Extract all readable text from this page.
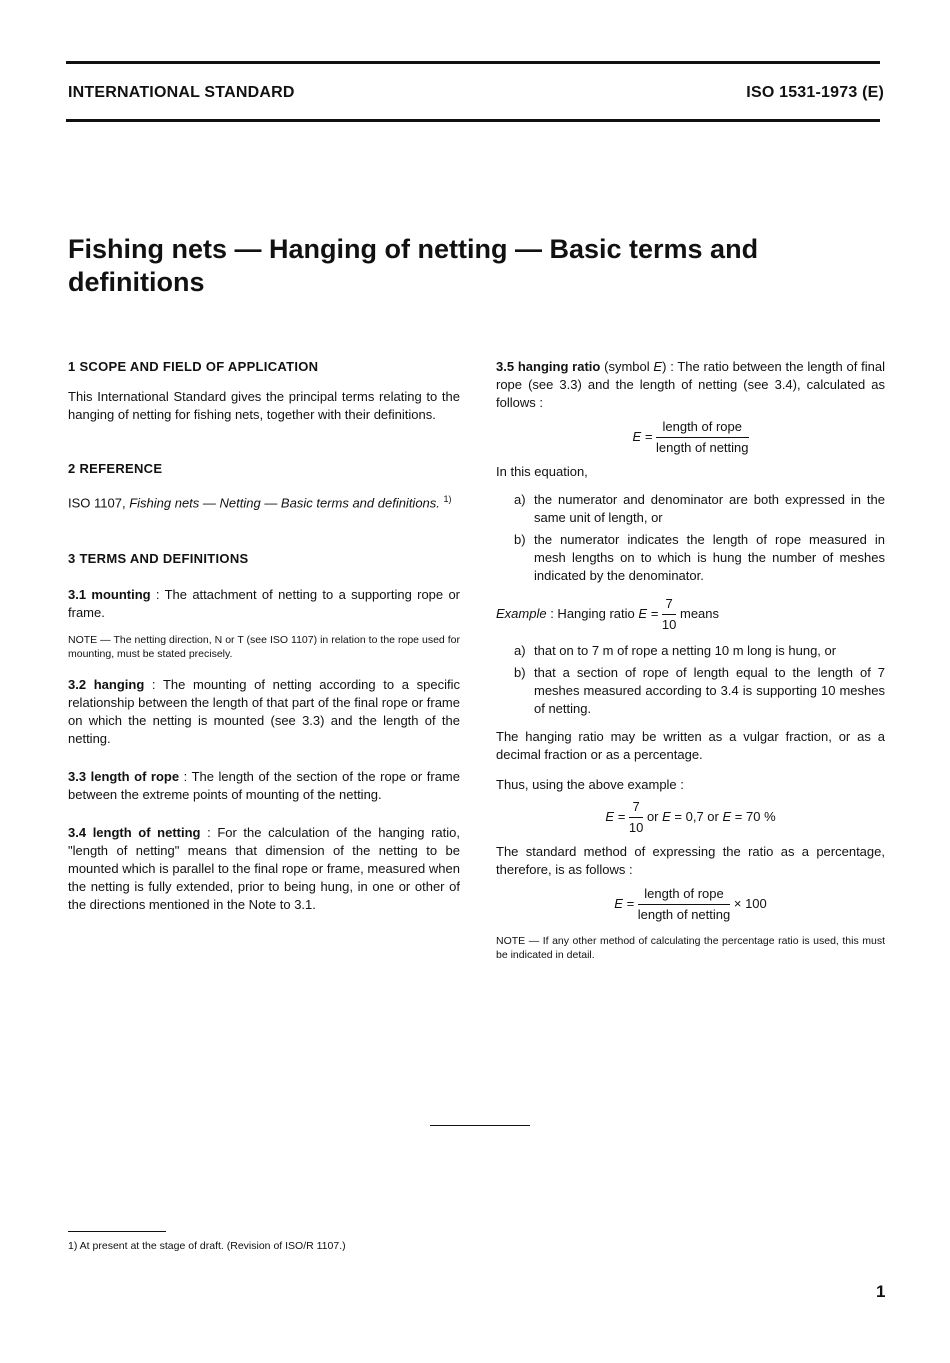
INTERNATIONAL STANDARD	ISO 1531-1973 (E)
Fishing nets — Hanging of netting — Basic terms and definitions

1 SCOPE AND FIELD OF APPLICATION

This International Standard gives the principal terms relating to the hanging of netting for fishing nets, together with their definitions.

2 REFERENCE

ISO 1107, Fishing nets — Netting — Basic terms and definitions. $^{1)}$

3 TERMS AND DEFINITIONS

3.1 mounting : The attachment of netting to a supporting rope or frame.

NOTE — The netting direction, N or T (see ISO 1107) in relation to the rope used for mounting, must be stated precisely.

3.2 hanging : The mounting of netting according to a specific relationship between the length of that part of the final rope or frame on which the netting is mounted (see 3.3) and the length of the netting.

3.3 length of rope : The length of the section of the rope or frame between the extreme points of mounting of the netting.

3.4 length of netting : For the calculation of the hanging ratio, "length of netting" means that dimension of the netting to be mounted which is parallel to the final rope or frame, measured when the netting is fully extended, prior to being hung, in one or other of the directions mentioned in the Note to 3.1.

3.5 hanging ratio (symbol E) : The ratio between the length of final rope (see 3.3) and the length of netting (see 3.4), calculated as follows :

$E = \frac{\text{length of rope}}{\text{length of netting}}$

In this equation,

a) the numerator and denominator are both expressed in the same unit of length, or

b) the numerator indicates the length of rope measured in mesh lengths on to which is hung the number of meshes indicated by the denominator.

Example : Hanging ratio $E = \frac{7}{10}$ means

a) that on to 7 m of rope a netting 10 m long is hung, or

b) that a section of rope of length equal to the length of 7 meshes measured according to 3.4 is supporting 10 meshes of netting.

The hanging ratio may be written as a vulgar fraction, or as a decimal fraction or as a percentage.

Thus, using the above example :

$E = \frac{7}{10}$ or E = 0,7 or E = 70 %

The standard method of expressing the ratio as a percentage, therefore, is as follows :

$E = \frac{\text{length of rope}}{\text{length of netting}} \times 100$

NOTE — If any other method of calculating the percentage ratio is used, this must be indicated in detail.

1) At present at the stage of draft. (Revision of ISO/R 1107.)
1
